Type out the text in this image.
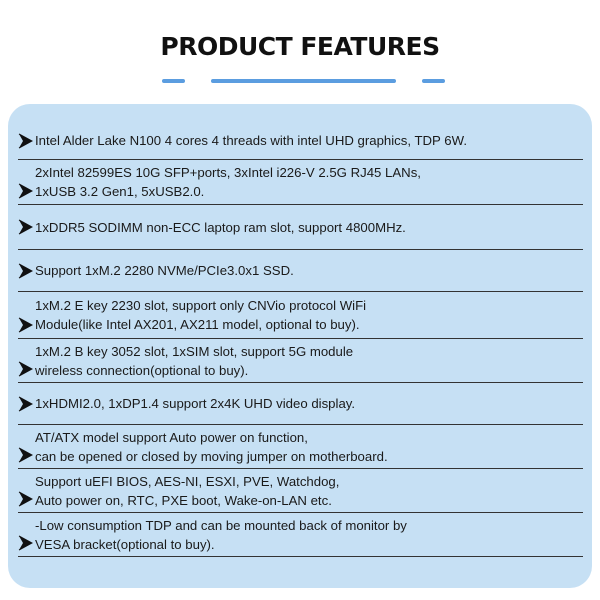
PRODUCT FEATURES
Intel Alder Lake N100 4 cores 4 threads with intel UHD graphics, TDP 6W.
2xIntel 82599ES 10G SFP+ports, 3xIntel i226-V 2.5G RJ45 LANs,
1xUSB 3.2 Gen1, 5xUSB2.0.
1xDDR5 SODIMM non-ECC laptop ram slot, support 4800MHz.
Support 1xM.2 2280 NVMe/PCIe3.0x1 SSD.
1xM.2 E key 2230 slot, support only CNVio protocol WiFi
Module(like Intel AX201, AX211 model, optional to buy).
1xM.2 B key 3052 slot, 1xSIM slot, support 5G module
wireless connection(optional to buy).
1xHDMI2.0, 1xDP1.4 support 2x4K UHD video display.
AT/ATX model support Auto power on function,
can be opened or closed by moving jumper on motherboard.
Support uEFI BIOS, AES-NI, ESXI, PVE, Watchdog,
Auto power on, RTC, PXE boot, Wake-on-LAN etc.
-Low consumption TDP and can be mounted back of monitor by
VESA bracket(optional to buy).
